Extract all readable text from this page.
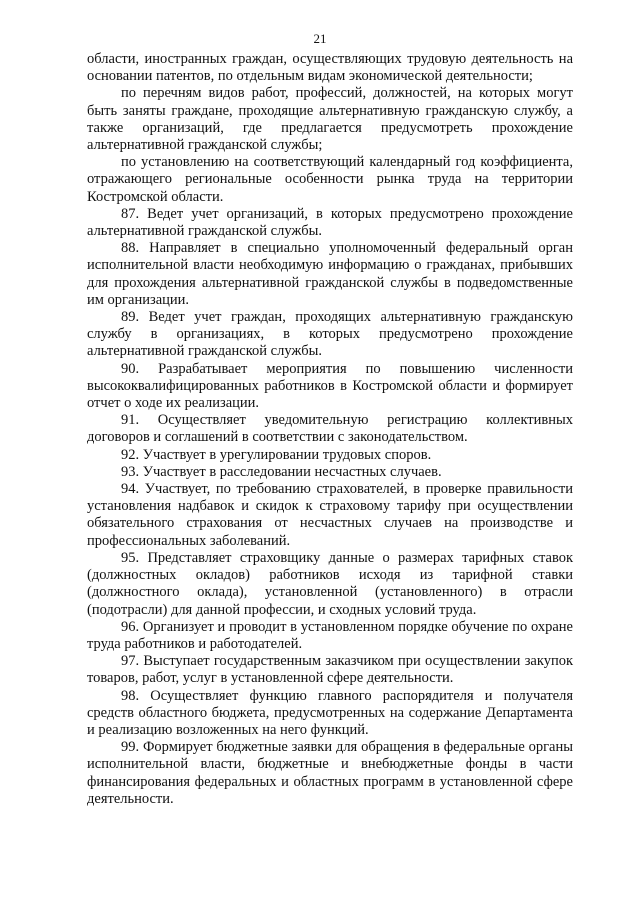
21

области, иностранных граждан, осуществляющих трудовую деятельность на основании патентов, по отдельным видам экономической деятельности;

по перечням видов работ, профессий, должностей, на которых могут быть заняты граждане, проходящие альтернативную гражданскую службу, а также организаций, где предлагается предусмотреть прохождение альтернативной гражданской службы;

по установлению на соответствующий календарный год коэффициента, отражающего региональные особенности рынка труда на территории Костромской области.

87. Ведет учет организаций, в которых предусмотрено прохождение альтернативной гражданской службы.

88. Направляет в специально уполномоченный федеральный орган исполнительной власти необходимую информацию о гражданах, прибывших для прохождения альтернативной гражданской службы в подведомственные им организации.

89. Ведет учет граждан, проходящих альтернативную гражданскую службу в организациях, в которых предусмотрено прохождение альтернативной гражданской службы.

90. Разрабатывает мероприятия по повышению численности высококвалифицированных работников в Костромской области и формирует отчет о ходе их реализации.

91. Осуществляет уведомительную регистрацию коллективных договоров и соглашений в соответствии с законодательством.

92. Участвует в урегулировании трудовых споров.

93. Участвует в расследовании несчастных случаев.

94. Участвует, по требованию страхователей, в проверке правильности установления надбавок и скидок к страховому тарифу при осуществлении обязательного страхования от несчастных случаев на производстве и профессиональных заболеваний.

95. Представляет страховщику данные о размерах тарифных ставок (должностных окладов) работников исходя из тарифной ставки (должностного оклада), установленной (установленного) в отрасли (подотрасли) для данной профессии, и сходных условий труда.

96. Организует и проводит в установленном порядке обучение по охране труда работников и работодателей.

97. Выступает государственным заказчиком при осуществлении закупок товаров, работ, услуг в установленной сфере деятельности.

98. Осуществляет функцию главного распорядителя и получателя средств областного бюджета, предусмотренных на содержание Департамента и реализацию возложенных на него функций.

99. Формирует бюджетные заявки для обращения в федеральные органы исполнительной власти, бюджетные и внебюджетные фонды в части финансирования федеральных и областных программ в установленной сфере деятельности.
